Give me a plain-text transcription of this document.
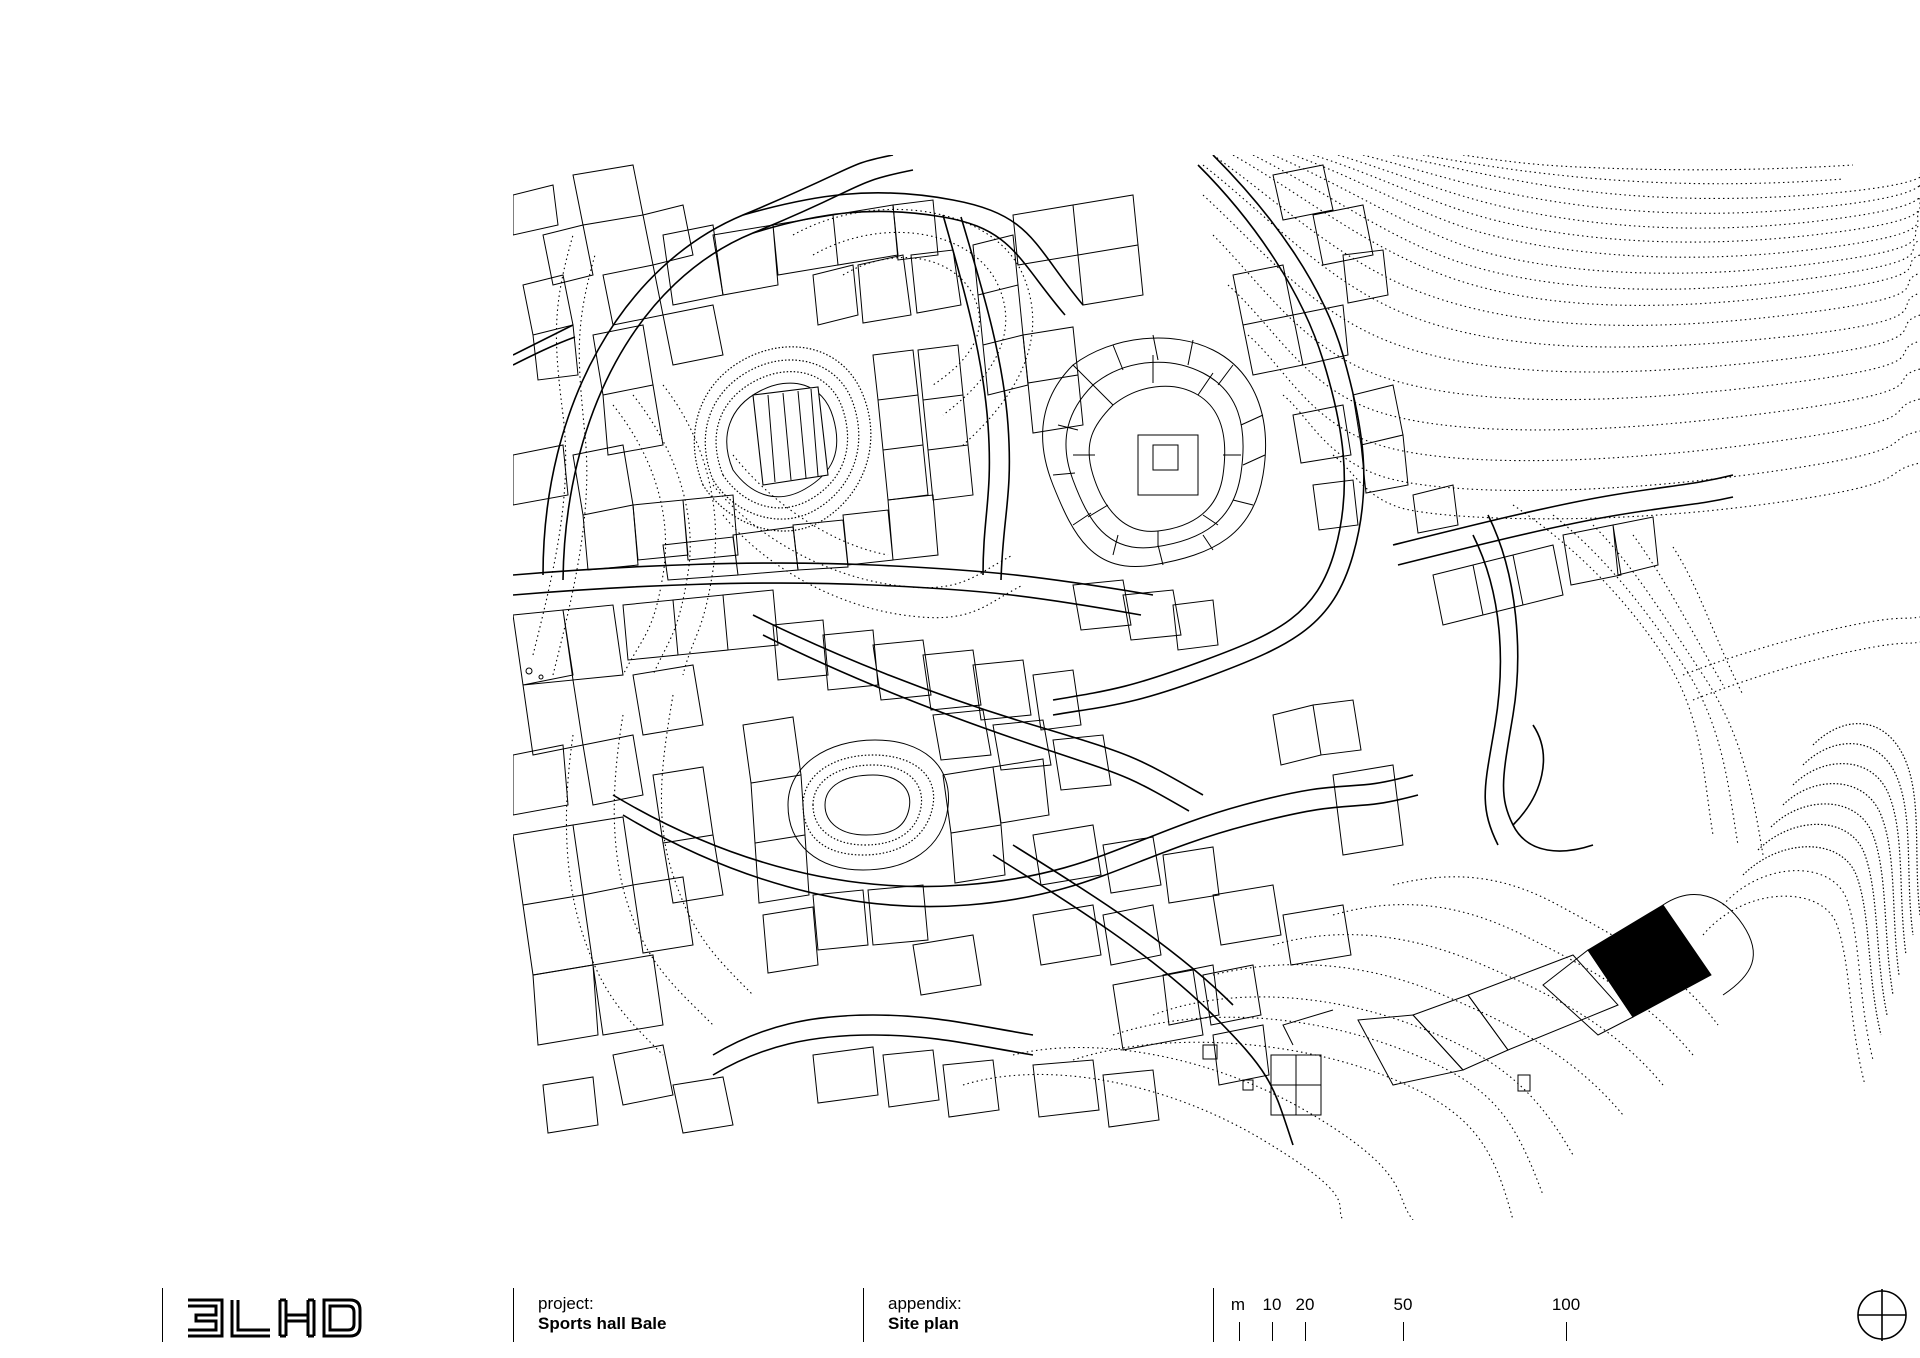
project:
Sports hall Bale
appendix:
Site plan
m 10 20	50	100
